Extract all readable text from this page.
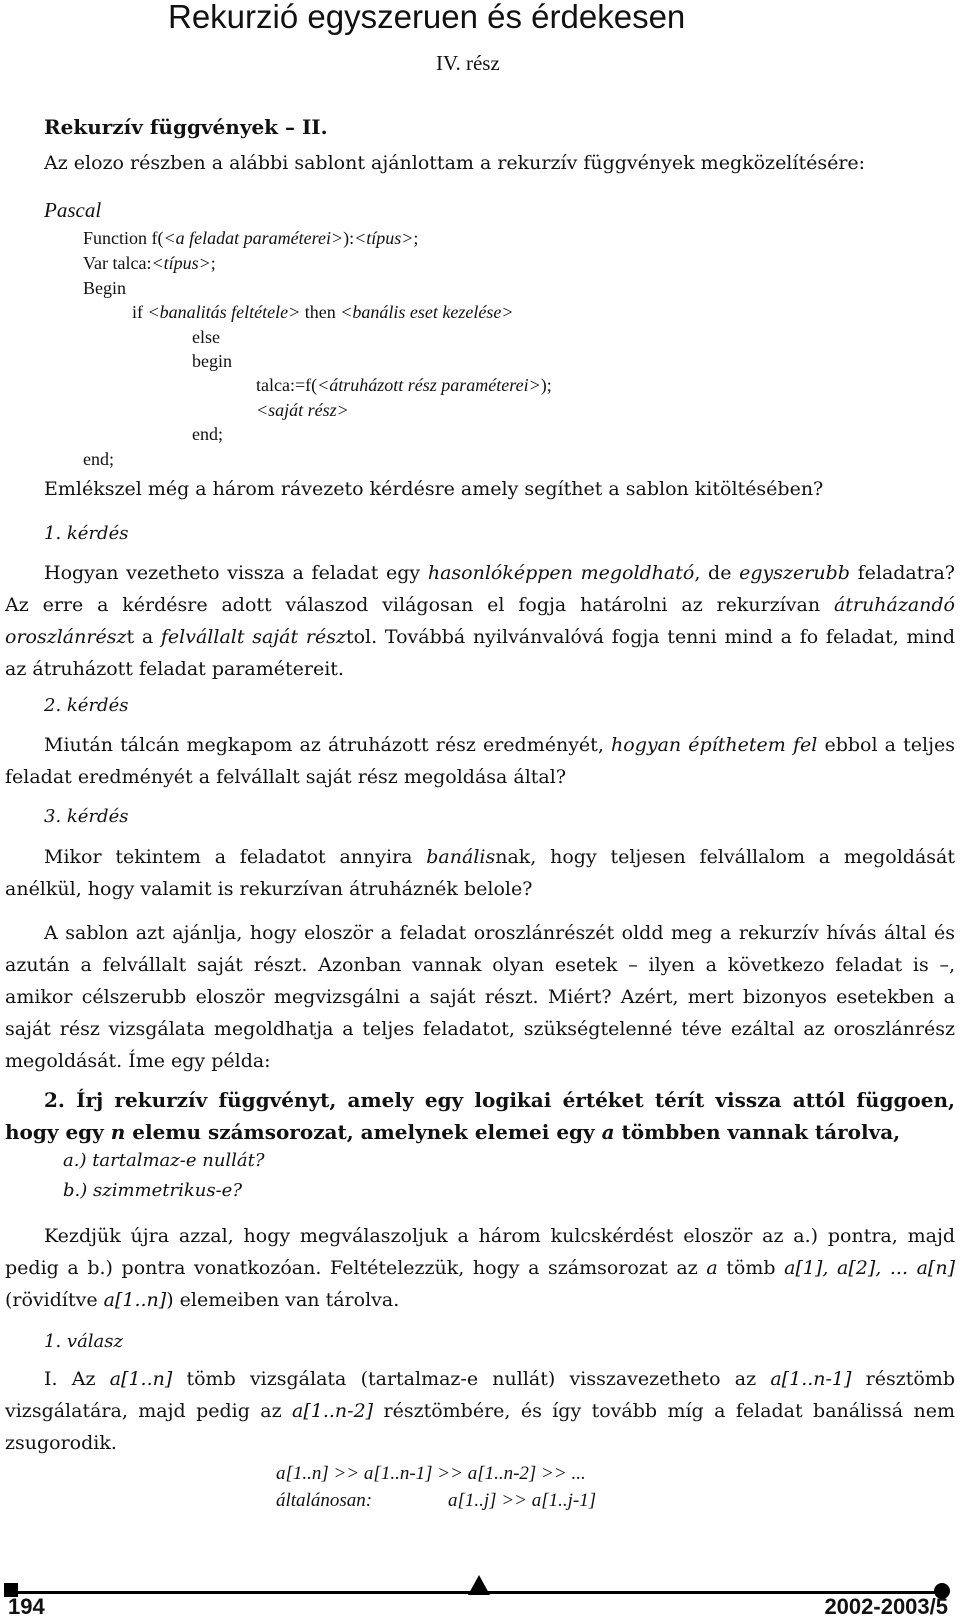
Rekurzió egyszeruen és érdekesen
IV. rész
Rekurzív függvények – II.
Az elozo részben a alábbi sablont ajánlottam a rekurzív függvények megközelítésére:
Pascal
Function f(<a feladat paraméterei>):<típus>;
Var talca:<típus>;
Begin
if <banalitás feltétele> then <banális eset kezelése>
else
begin
talca:=f(<átruházott rész paraméterei>);
<saját rész>
end;
end;
Emlékszel még a három rávezeto kérdésre amely segíthet a sablon kitöltésében?
1. kérdés
Hogyan vezetheto vissza a feladat egy hasonlóképpen megoldható, de egyszerubb feladatra? Az erre a kérdésre adott válaszod világosan el fogja határolni az rekurzívan átruházandó oroszlánrészt a felvállalt saját résztol. Továbbá nyilvánvalóvá fogja tenni mind a fo feladat, mind az átruházott feladat paramétereit.
2. kérdés
Miután tálcán megkapom az átruházott rész eredményét, hogyan építhetem fel ebbol a teljes feladat eredményét a felvállalt saját rész megoldása által?
3. kérdés
Mikor tekintem a feladatot annyira banálisnak, hogy teljesen felvállalom a megoldását anélkül, hogy valamit is rekurzívan átruháznék belole?
A sablon azt ajánlja, hogy eloször a feladat oroszlánrészét oldd meg a rekurzív hívás által és azután a felvállalt saját részt. Azonban vannak olyan esetek – ilyen a következo feladat is –, amikor célszerubb eloször megvizsgálni a saját részt. Miért? Azért, mert bizonyos esetekben a saját rész vizsgálata megoldhatja a teljes feladatot, szükségtelenné téve ezáltal az oroszlánrész megoldását. Íme egy példa:
2. Írj rekurzív függvényt, amely egy logikai értéket térít vissza attól függoen, hogy egy n elemu számsorozat, amelynek elemei egy a tömbben vannak tárolva,
a.) tartalmaz-e nullát?
b.) szimmetrikus-e?
Kezdjük újra azzal, hogy megválaszoljuk a három kulcskérdést eloször az a.) pontra, majd pedig a b.) pontra vonatkozóan. Feltételezzük, hogy a számsorozat az a tömb a[1], a[2], ... a[n] (rövidítve a[1..n]) elemeiben van tárolva.
1. válasz
I. Az a[1..n] tömb vizsgálata (tartalmaz-e nullát) visszavezetheto az a[1..n-1] résztömb vizsgálatára, majd pedig az a[1..n-2] résztömbére, és így tovább míg a feladat banálissá nem zsugorodik.
a[1..n] >> a[1..n-1] >> a[1..n-2] >> ...
általánosan:	a[1..j] >> a[1..j-1]
194	2002-2003/5
